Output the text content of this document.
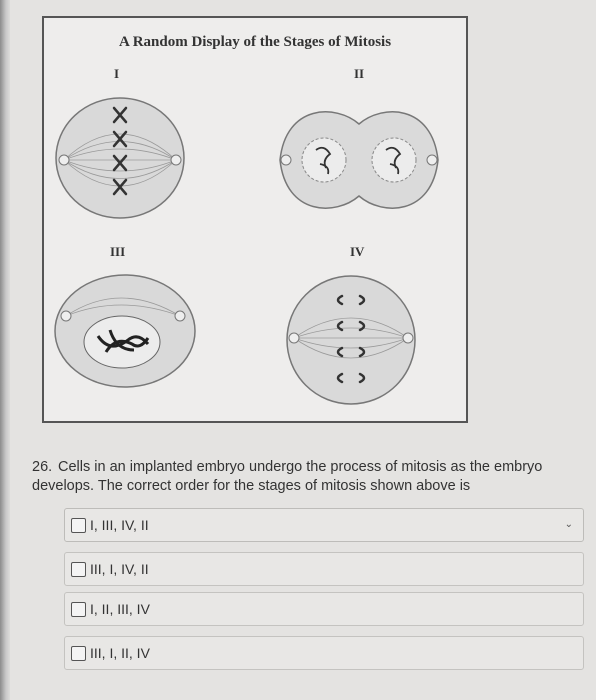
A Random Display of the Stages of Mitosis
I	II
III	IV
26. Cells in an implanted embryo undergo the process of mitosis as the embryo develops. The correct order for the stages of mitosis shown above is
I, III, IV, II	⌄
III, I, IV, II
I, II, III, IV
III, I, II, IV
